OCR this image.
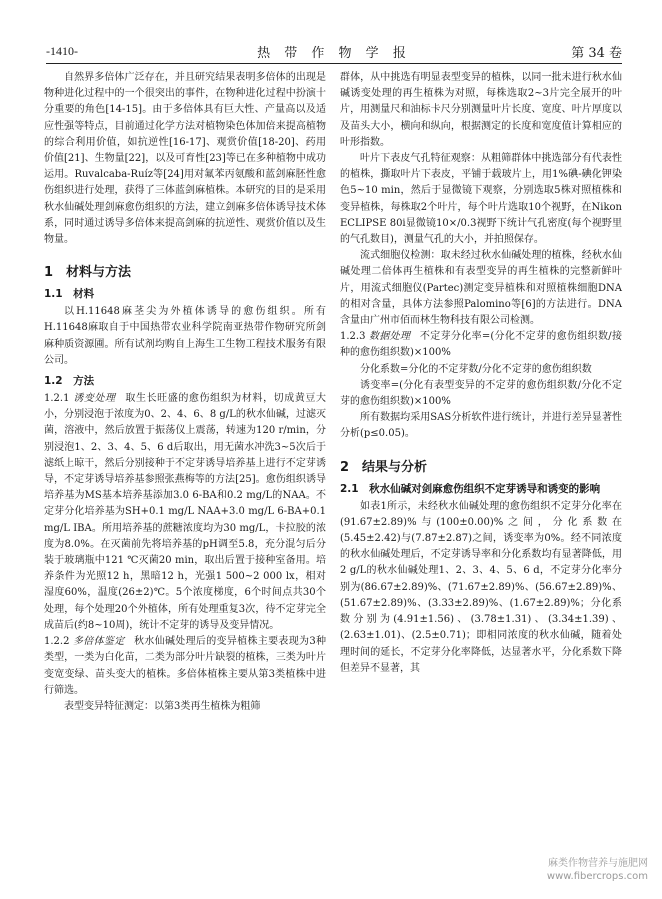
-1410-	热 带 作 物 学 报	第 34 卷

自然界多倍体广泛存在，并且研究结果表明多倍体的出现是物种进化过程中的一个很突出的事件，在物种进化过程中扮演十分重要的角色[14-15]。由于多倍体具有巨大性、产量高以及适应性强等特点，目前通过化学方法对植物染色体加倍来提高植物的综合利用价值，如抗逆性[16-17]、观赏价值[18-20]、药用价值[21]、生物量[22]，以及可育性[23]等已在多种植物中成功运用。Ruvalcaba-Ruíz等[24]用对氟苯丙氨酸和蓝剑麻胚性愈伤组织进行处理，获得了三体蓝剑麻植株。本研究的目的是采用秋水仙碱处理剑麻愈伤组织的方法，建立剑麻多倍体诱导技术体系，同时通过诱导多倍体来提高剑麻的抗逆性、观赏价值以及生物量。

1　材料与方法
1.1　材料

以H.11648麻茎尖为外植体诱导的愈伤组织。所有H.11648麻取自于中国热带农业科学院南亚热带作物研究所剑麻种质资源圃。所有试剂均购自上海生工生物工程技术服务有限公司。

1.2　方法

1.2.1 诱变处理 取生长旺盛的愈伤组织为材料，切成黄豆大小，分别浸泡于浓度为0、2、4、6、8 g/L的秋水仙碱，过滤灭菌，溶液中，然后放置于振荡仪上震荡，转速为120 r/min，分别浸泡1、2、3、4、5、6 d后取出，用无菌水冲洗3~5次后于滤纸上晾干，然后分别接种于不定芽诱导培养基上进行不定芽诱导，不定芽诱导培养基参照张燕梅等的方法[25]。愈伤组织诱导培养基为MS基本培养基添加3.0 6-BA和0.2 mg/L的NAA。不定芽分化培养基为SH+0.1 mg/L NAA+3.0 mg/L 6-BA+0.1 mg/L IBA。所用培养基的蔗糖浓度均为30 mg/L，卡拉胶的浓度为8.0%。在灭菌前先将培养基的pH调至5.8，充分混匀后分装于玻璃瓶中121 ℃灭菌20 min，取出后置于接种室备用。培养条件为光照12 h，黑暗12 h，光强1 500~2 000 lx，相对湿度60%，温度(26±2)℃。5个浓度梯度，6个时间点共30个处理，每个处理20个外植体，所有处理重复3次，待不定芽完全成苗后(约8~10周)，统计不定芽的诱导及变异情况。

1.2.2 多倍体鉴定 秋水仙碱处理后的变异植株主要表现为3种类型，一类为白化苗，二类为部分叶片缺裂的植株，三类为叶片变宽变绿、苗头变大的植株。多倍体植株主要从第3类植株中进行筛选。

表型变异特征测定：以第3类再生植株为粗筛

群体，从中挑选有明显表型变异的植株，以同一批未进行秋水仙碱诱变处理的再生植株为对照，每株选取2~3片完全展开的叶片，用测量尺和油标卡尺分别测量叶片长度、宽度、叶片厚度以及苗头大小，横向和纵向，根据测定的长度和宽度值计算相应的叶形指数。

叶片下表皮气孔特征观察：从粗筛群体中挑选部分有代表性的植株，撕取叶片下表皮，平铺于载玻片上，用1%碘-碘化钾染色5~10 min，然后于显微镜下观察，分别选取5株对照植株和变异植株，每株取2个叶片，每个叶片选取10个视野，在Nikon ECLIPSE 80i显微镜10×/0.3视野下统计气孔密度(每个视野里的气孔数目)，测量气孔的大小，并拍照保存。

流式细胞仪检测：取未经过秋水仙碱处理的植株，经秋水仙碱处理二倍体再生植株和有表型变异的再生植株的完整新鲜叶片，用流式细胞仪(Partec)测定变异植株和对照植株细胞DNA的相对含量，具体方法参照Palomino等[6]的方法进行。DNA含量由广州市佰而林生物科技有限公司检测。

1.2.3 数据处理 不定芽分化率=(分化不定芽的愈伤组织数/接种的愈伤组织数)×100%

分化系数=分化的不定芽数/分化不定芽的愈伤组织数

诱变率=(分化有表型变异的不定芽的愈伤组织数/分化不定芽的愈伤组织数)×100%

所有数据均采用SAS分析软件进行统计，并进行差异显著性分析(p≤0.05)。

2　结果与分析
2.1　秋水仙碱对剑麻愈伤组织不定芽诱导和诱变的影响

如表1所示，未经秋水仙碱处理的愈伤组织不定芽分化率在(91.67±2.89)%与(100±0.00)%之间，分化系数在(5.45±2.42)与(7.87±2.87)之间，诱变率为0%。经不同浓度的秋水仙碱处理后，不定芽诱导率和分化系数均有显著降低，用2 g/L的秋水仙碱处理1、2、3、4、5、6 d，不定芽分化率分别为(86.67±2.89)%、(71.67±2.89)%、(56.67±2.89)%、(51.67±2.89)%、(3.33±2.89)%、(1.67±2.89)%；分化系数分别为(4.91±1.56)、(3.78±1.31)、(3.34±1.39)、(2.63±1.01)、(2.5±0.71)；即相同浓度的秋水仙碱，随着处理时间的延长，不定芽分化率降低，达显著水平，分化系数下降但差异不显著，其

麻类作物营养与施肥网
www.fibercrops.com
